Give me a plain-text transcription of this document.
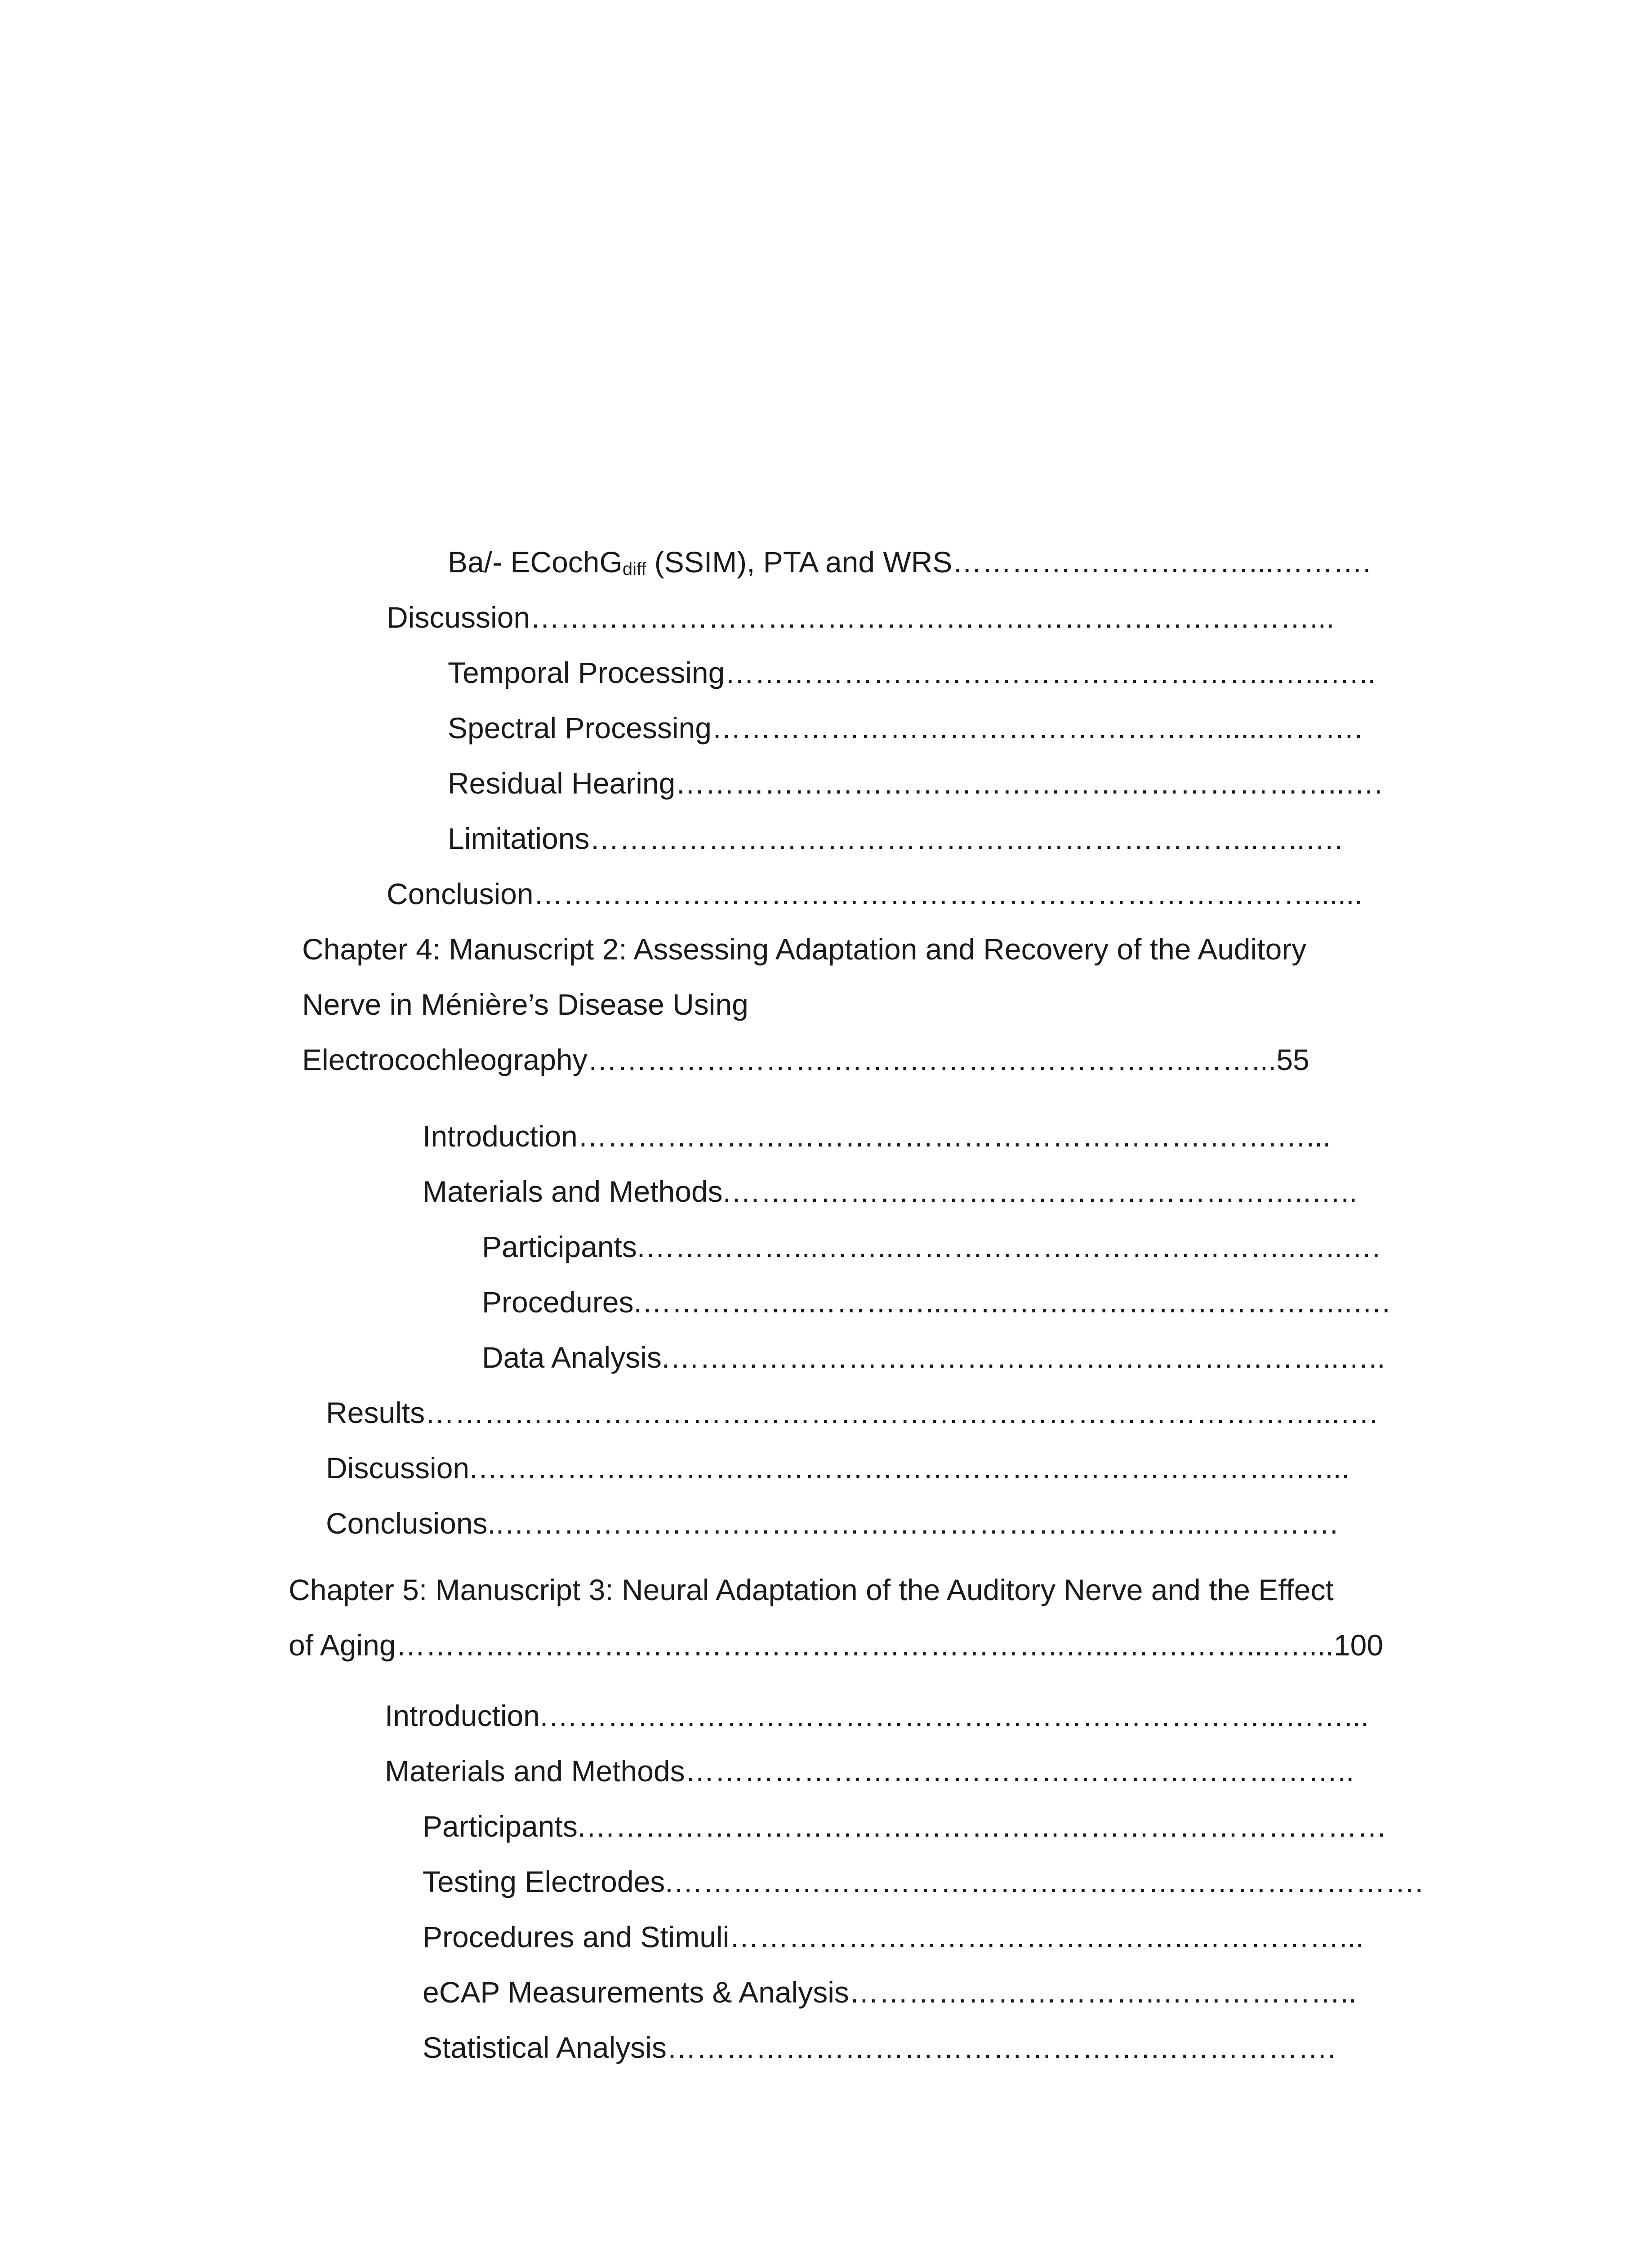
Ba/- ECochGdiff (SSIM), PTA and WRS…………………………...……….
Discussion…………………………………………………………….………...
Temporal Processing………………………………………………..…...…..
Spectral Processing……………………………………………......……….
Residual Hearing…………………………………………………………..….
Limitations…………………………………………………………..…..….
Conclusion……………………………………………………………….……......
Chapter 4: Manuscript 2: Assessing Adaptation and Recovery of the Auditory
Nerve in Ménière’s Disease Using
Electrocochleography…………………….……..………………………..……...55
Introduction……………………………………………………….…….…...
Materials and Methods.…………………………………………………..…..
Participants.……………...……..…………………………………..…..….
Procedures.……………..…………...…………………………………..….
Data Analysis.…………………………………………………………..…..
Results………………………………………………………………………………...….
Discussion.………………………………………………………………………..…...
Conclusions..……………………………………………………………...………….
Chapter 5: Manuscript 3: Neural Adaptation of the Auditory Nerve and the Effect
of Aging…………………………………………………………..…...…….……...…....100
Introduction.………………………………………………………………...……...
Materials and Methods…………………………………………………………..
Participants.………………………………………………………………………
Testing Electrodes.………………………………………………………………….
Procedures and Stimuli………………………………………..……………...
eCAP Measurements & Analysis…………………………..………………..
Statistical Analysis………………………………………….……………….
